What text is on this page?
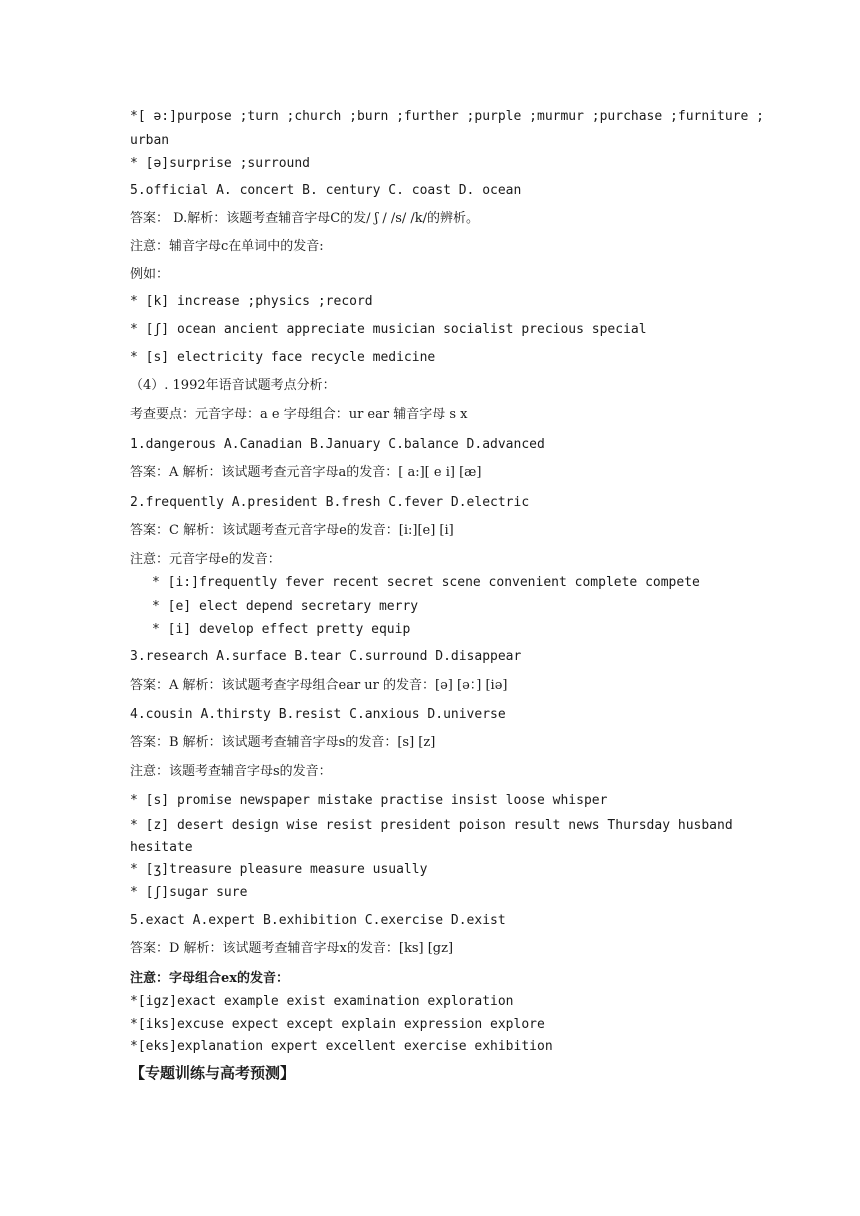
*[ ə:]purpose ;turn ;church ;burn ;further ;purple ;murmur ;purchase ;furniture ;
urban
* [ə]surprise ;surround
5.official A. concert B. century C. coast D. ocean
答案： D.解析：该题考查辅音字母C的发/ ʃ / /s/ /k/的辨析。
注意：辅音字母c在单词中的发音:
例如：
* [k] increase ;physics ;record
* [ʃ] ocean ancient appreciate musician socialist precious special
* [s] electricity face recycle medicine
（4）. 1992年语音试题考点分析：
考查要点：元音字母：a e 字母组合：ur ear 辅音字母 s x
1.dangerous A.Canadian B.January C.balance D.advanced
答案：A 解析：该试题考查元音字母a的发音：[ a:][ e i] [æ]
2.frequently A.president B.fresh C.fever D.electric
答案：C 解析：该试题考查元音字母e的发音：[i:][e] [i]
注意：元音字母e的发音：
* [i:]frequently fever recent secret scene convenient complete compete
* [e] elect depend secretary merry
* [i] develop effect pretty equip
3.research A.surface B.tear C.surround D.disappear
答案：A 解析：该试题考查字母组合ear ur 的发音：[ə] [ə：] [iə]
4.cousin A.thirsty B.resist C.anxious D.universe
答案：B 解析：该试题考查辅音字母s的发音：[s] [z]
注意：该题考查辅音字母s的发音：
* [s] promise newspaper mistake practise insist loose whisper
* [z] desert design wise resist president poison result news Thursday husband
hesitate
* [ʒ]treasure pleasure measure usually
* [ʃ]sugar sure
5.exact A.expert B.exhibition C.exercise D.exist
答案：D 解析：该试题考查辅音字母x的发音：[ks] [gz]
注意：字母组合ex的发音：
*[igz]exact example exist examination exploration
*[iks]excuse expect except explain expression explore
*[eks]explanation expert excellent exercise exhibition
【专题训练与高考预测】
